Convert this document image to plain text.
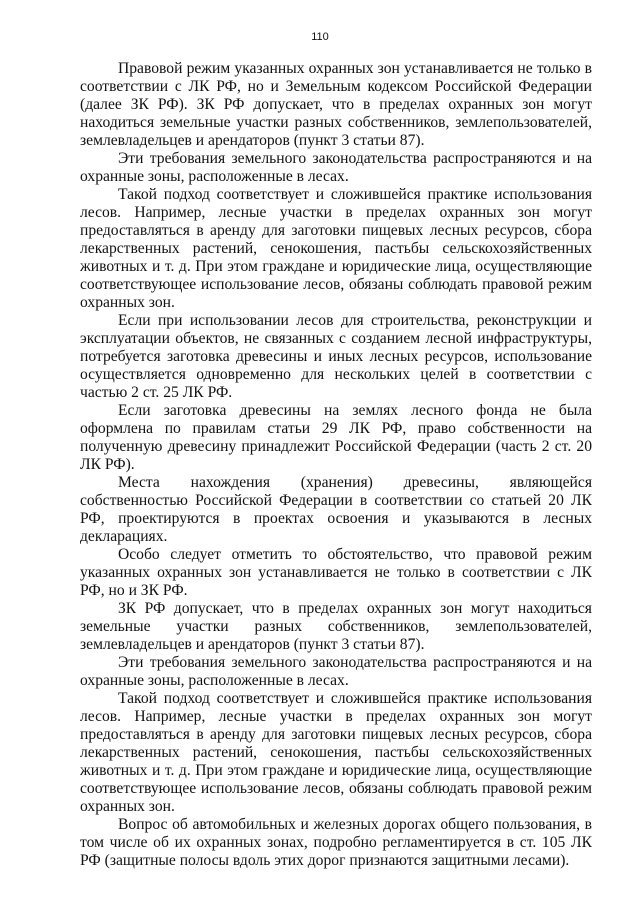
110

Правовой режим указанных охранных зон устанавливается не только в соответствии с ЛК РФ, но и Земельным кодексом Российской Федерации (далее ЗК РФ). ЗК РФ допускает, что в пределах охранных зон могут находиться земельные участки разных собственников, землепользователей, землевладельцев и арендаторов (пункт 3 статьи 87).

Эти требования земельного законодательства распространяются и на охранные зоны, расположенные в лесах.

Такой подход соответствует и сложившейся практике использования лесов. Например, лесные участки в пределах охранных зон могут предоставляться в аренду для заготовки пищевых лесных ресурсов, сбора лекарственных растений, сенокошения, пастьбы сельскохозяйственных животных и т. д. При этом граждане и юридические лица, осуществляющие соответствующее использование лесов, обязаны соблюдать правовой режим охранных зон.

Если при использовании лесов для строительства, реконструкции и эксплуатации объектов, не связанных с созданием лесной инфраструктуры, потребуется заготовка древесины и иных лесных ресурсов, использование осуществляется одновременно для нескольких целей в соответствии с частью 2 ст. 25 ЛК РФ.

Если заготовка древесины на землях лесного фонда не была оформлена по правилам статьи 29 ЛК РФ, право собственности на полученную древесину принадлежит Российской Федерации (часть 2 ст. 20 ЛК РФ).

Места нахождения (хранения) древесины, являющейся собственностью Российской Федерации в соответствии со статьей 20 ЛК РФ, проектируются в проектах освоения и указываются в лесных декларациях.

Особо следует отметить то обстоятельство, что правовой режим указанных охранных зон устанавливается не только в соответствии с ЛК РФ, но и ЗК РФ.

ЗК РФ допускает, что в пределах охранных зон могут находиться земельные участки разных собственников, землепользователей, землевладельцев и арендаторов (пункт 3 статьи 87).

Эти требования земельного законодательства распространяются и на охранные зоны, расположенные в лесах.

Такой подход соответствует и сложившейся практике использования лесов. Например, лесные участки в пределах охранных зон могут предоставляться в аренду для заготовки пищевых лесных ресурсов, сбора лекарственных растений, сенокошения, пастьбы сельскохозяйственных животных и т. д. При этом граждане и юридические лица, осуществляющие соответствующее использование лесов, обязаны соблюдать правовой режим охранных зон.

Вопрос об автомобильных и железных дорогах общего пользования, в том числе об их охранных зонах, подробно регламентируется в ст. 105 ЛК РФ (защитные полосы вдоль этих дорог признаются защитными лесами).
